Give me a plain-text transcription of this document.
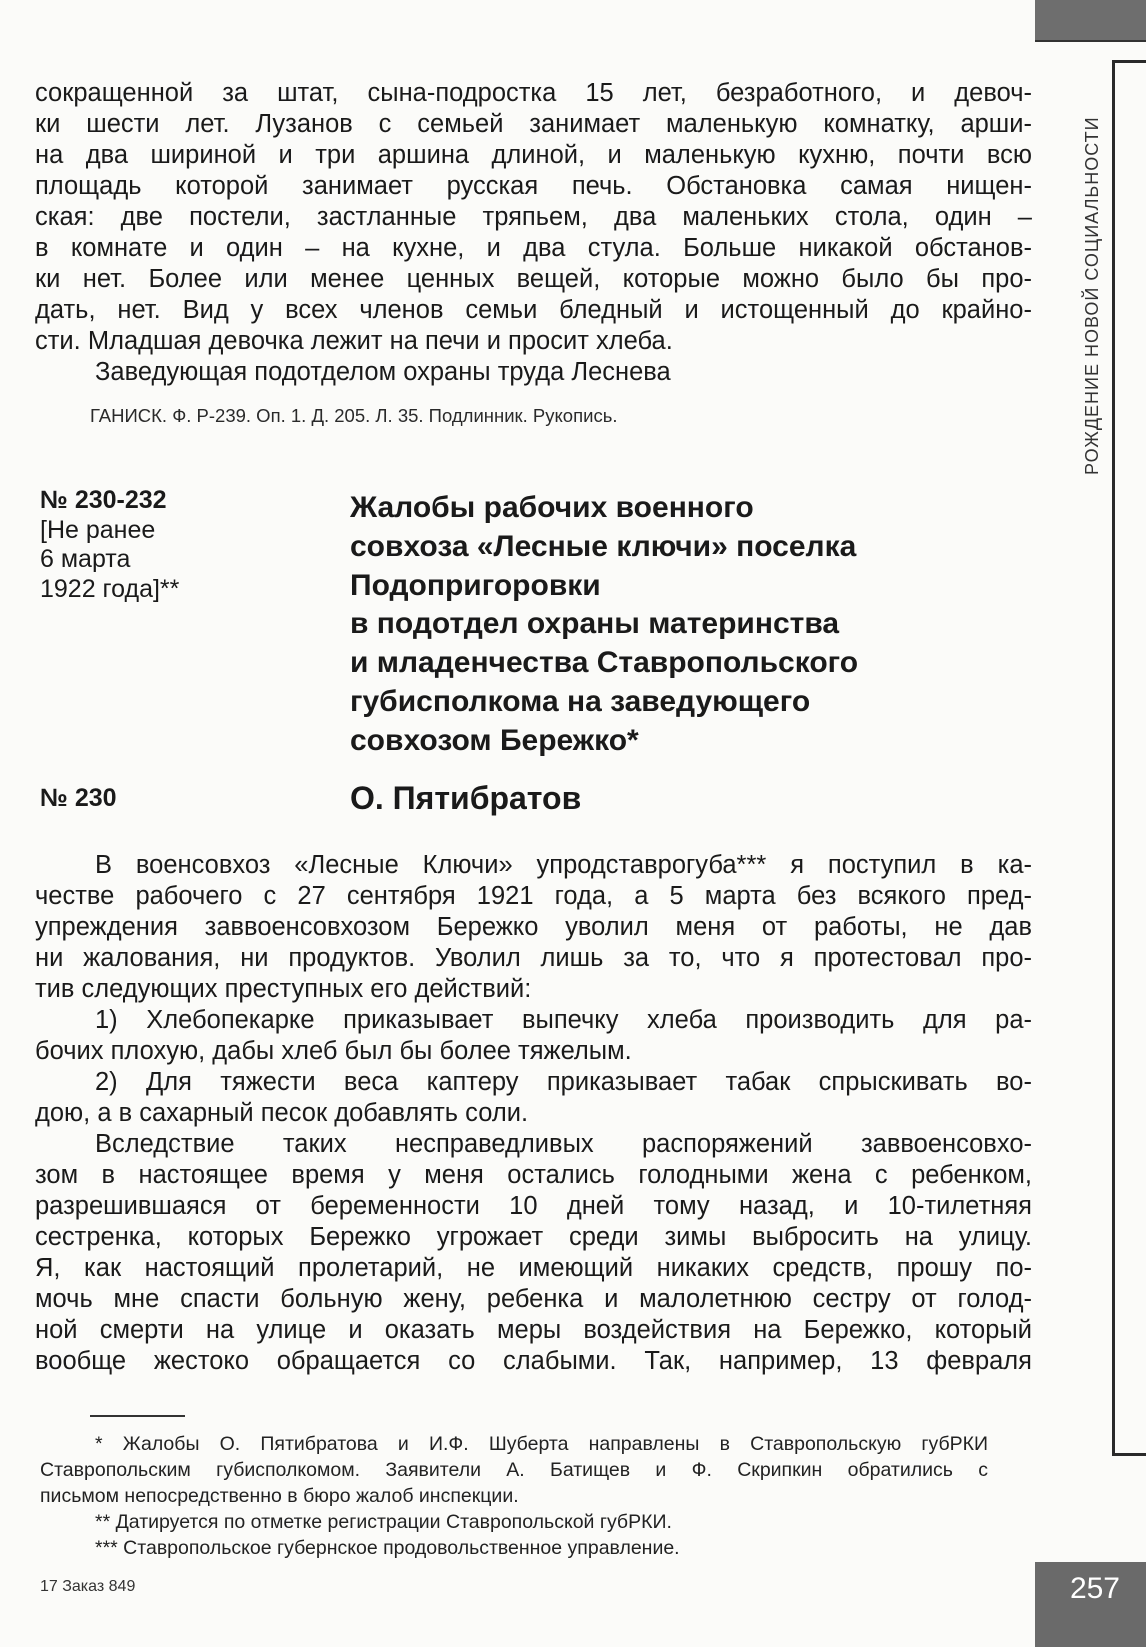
РОЖДЕНИЕ НОВОЙ СОЦИАЛЬНОСТИ
сокращенной за штат, сына-подростка 15 лет, безработного, и девоч-
ки шести лет. Лузанов с семьей занимает маленькую комнатку, арши-
на два шириной и три аршина длиной, и маленькую кухню, почти всю
площадь которой занимает русская печь. Обстановка самая нищен-
ская: две постели, застланные тряпьем, два маленьких стола, один –
в комнате и один – на кухне, и два стула. Больше никакой обстанов-
ки нет. Более или менее ценных вещей, которые можно было бы про-
дать, нет. Вид у всех членов семьи бледный и истощенный до крайно-
сти. Младшая девочка лежит на печи и просит хлеба.
Заведующая подотделом охраны труда Леснева
ГАНИСК. Ф. Р-239. Оп. 1. Д. 205. Л. 35. Подлинник. Рукопись.
№ 230-232
[Не ранее
6 марта
1922 года]**
Жалобы рабочих военного
совхоза «Лесные ключи» поселка
Подопригоровки
в подотдел охраны материнства
и младенчества Ставропольского
губисполкома на заведующего
совхозом Бережко*
№ 230	О. Пятибратов
В военсовхоз «Лесные Ключи» упродставрогуба*** я поступил в ка-
честве рабочего с 27 сентября 1921 года, а 5 марта без всякого пред-
упреждения заввоенсовхозом Бережко уволил меня от работы, не дав
ни жалования, ни продуктов. Уволил лишь за то, что я протестовал про-
тив следующих преступных его действий:
1) Хлебопекарке приказывает выпечку хлеба производить для ра-
бочих плохую, дабы хлеб был бы более тяжелым.
2) Для тяжести веса каптеру приказывает табак спрыскивать во-
дою, а в сахарный песок добавлять соли.
Вследствие таких несправедливых распоряжений заввоенсовхо-
зом в настоящее время у меня остались голодными жена с ребенком,
разрешившаяся от беременности 10 дней тому назад, и 10-тилетняя
сестренка, которых Бережко угрожает среди зимы выбросить на улицу.
Я, как настоящий пролетарий, не имеющий никаких средств, прошу по-
мочь мне спасти больную жену, ребенка и малолетнюю сестру от голод-
ной смерти на улице и оказать меры воздействия на Бережко, который
вообще жестоко обращается со слабыми. Так, например, 13 февраля
* Жалобы О. Пятибратова и И.Ф. Шуберта направлены в Ставропольскую губРКИ
Ставропольским губисполкомом. Заявители А. Батищев и Ф. Скрипкин обратились с
письмом непосредственно в бюро жалоб инспекции.
** Датируется по отметке регистрации Ставропольской губРКИ.
*** Ставропольское губернское продовольственное управление.
17 Заказ 849	257
